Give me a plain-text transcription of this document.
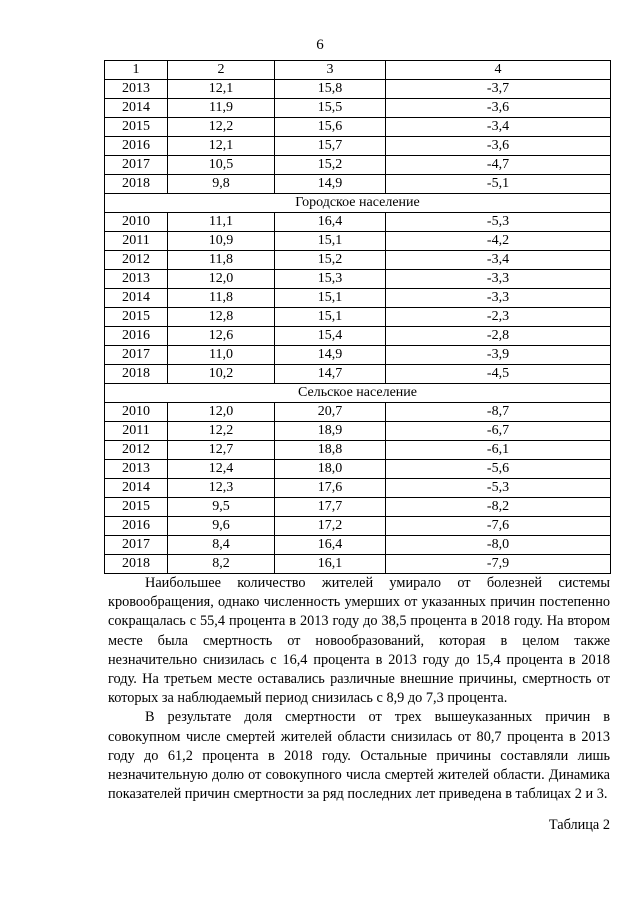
6
1	2	3	4
2013	12,1	15,8	-3,7
2014	11,9	15,5	-3,6
2015	12,2	15,6	-3,4
2016	12,1	15,7	-3,6
2017	10,5	15,2	-4,7
2018	9,8	14,9	-5,1
Городское население			
2010	11,1	16,4	-5,3
2011	10,9	15,1	-4,2
2012	11,8	15,2	-3,4
2013	12,0	15,3	-3,3
2014	11,8	15,1	-3,3
2015	12,8	15,1	-2,3
2016	12,6	15,4	-2,8
2017	11,0	14,9	-3,9
2018	10,2	14,7	-4,5
Сельское население			
2010	12,0	20,7	-8,7
2011	12,2	18,9	-6,7
2012	12,7	18,8	-6,1
2013	12,4	18,0	-5,6
2014	12,3	17,6	-5,3
2015	9,5	17,7	-8,2
2016	9,6	17,2	-7,6
2017	8,4	16,4	-8,0
2018	8,2	16,1	-7,9

Наибольшее количество жителей умирало от болезней системы кровообращения, однако численность умерших от указанных причин постепенно сокращалась с 55,4 процента в 2013 году до 38,5 процента в 2018 году. На втором месте была смертность от новообразований, которая в целом также незначительно снизилась с 16,4 процента в 2013 году до 15,4 процента в 2018 году. На третьем месте оставались различные внешние причины, смертность от которых за наблюдаемый период снизилась с 8,9 до 7,3 процента.

В результате доля смертности от трех вышеуказанных причин в совокупном числе смертей жителей области снизилась от 80,7 процента в 2013 году до 61,2 процента в 2018 году. Остальные причины составляли лишь незначительную долю от совокупного числа смертей жителей области. Динамика показателей причин смертности за ряд последних лет приведена в таблицах 2 и 3.

Таблица 2
